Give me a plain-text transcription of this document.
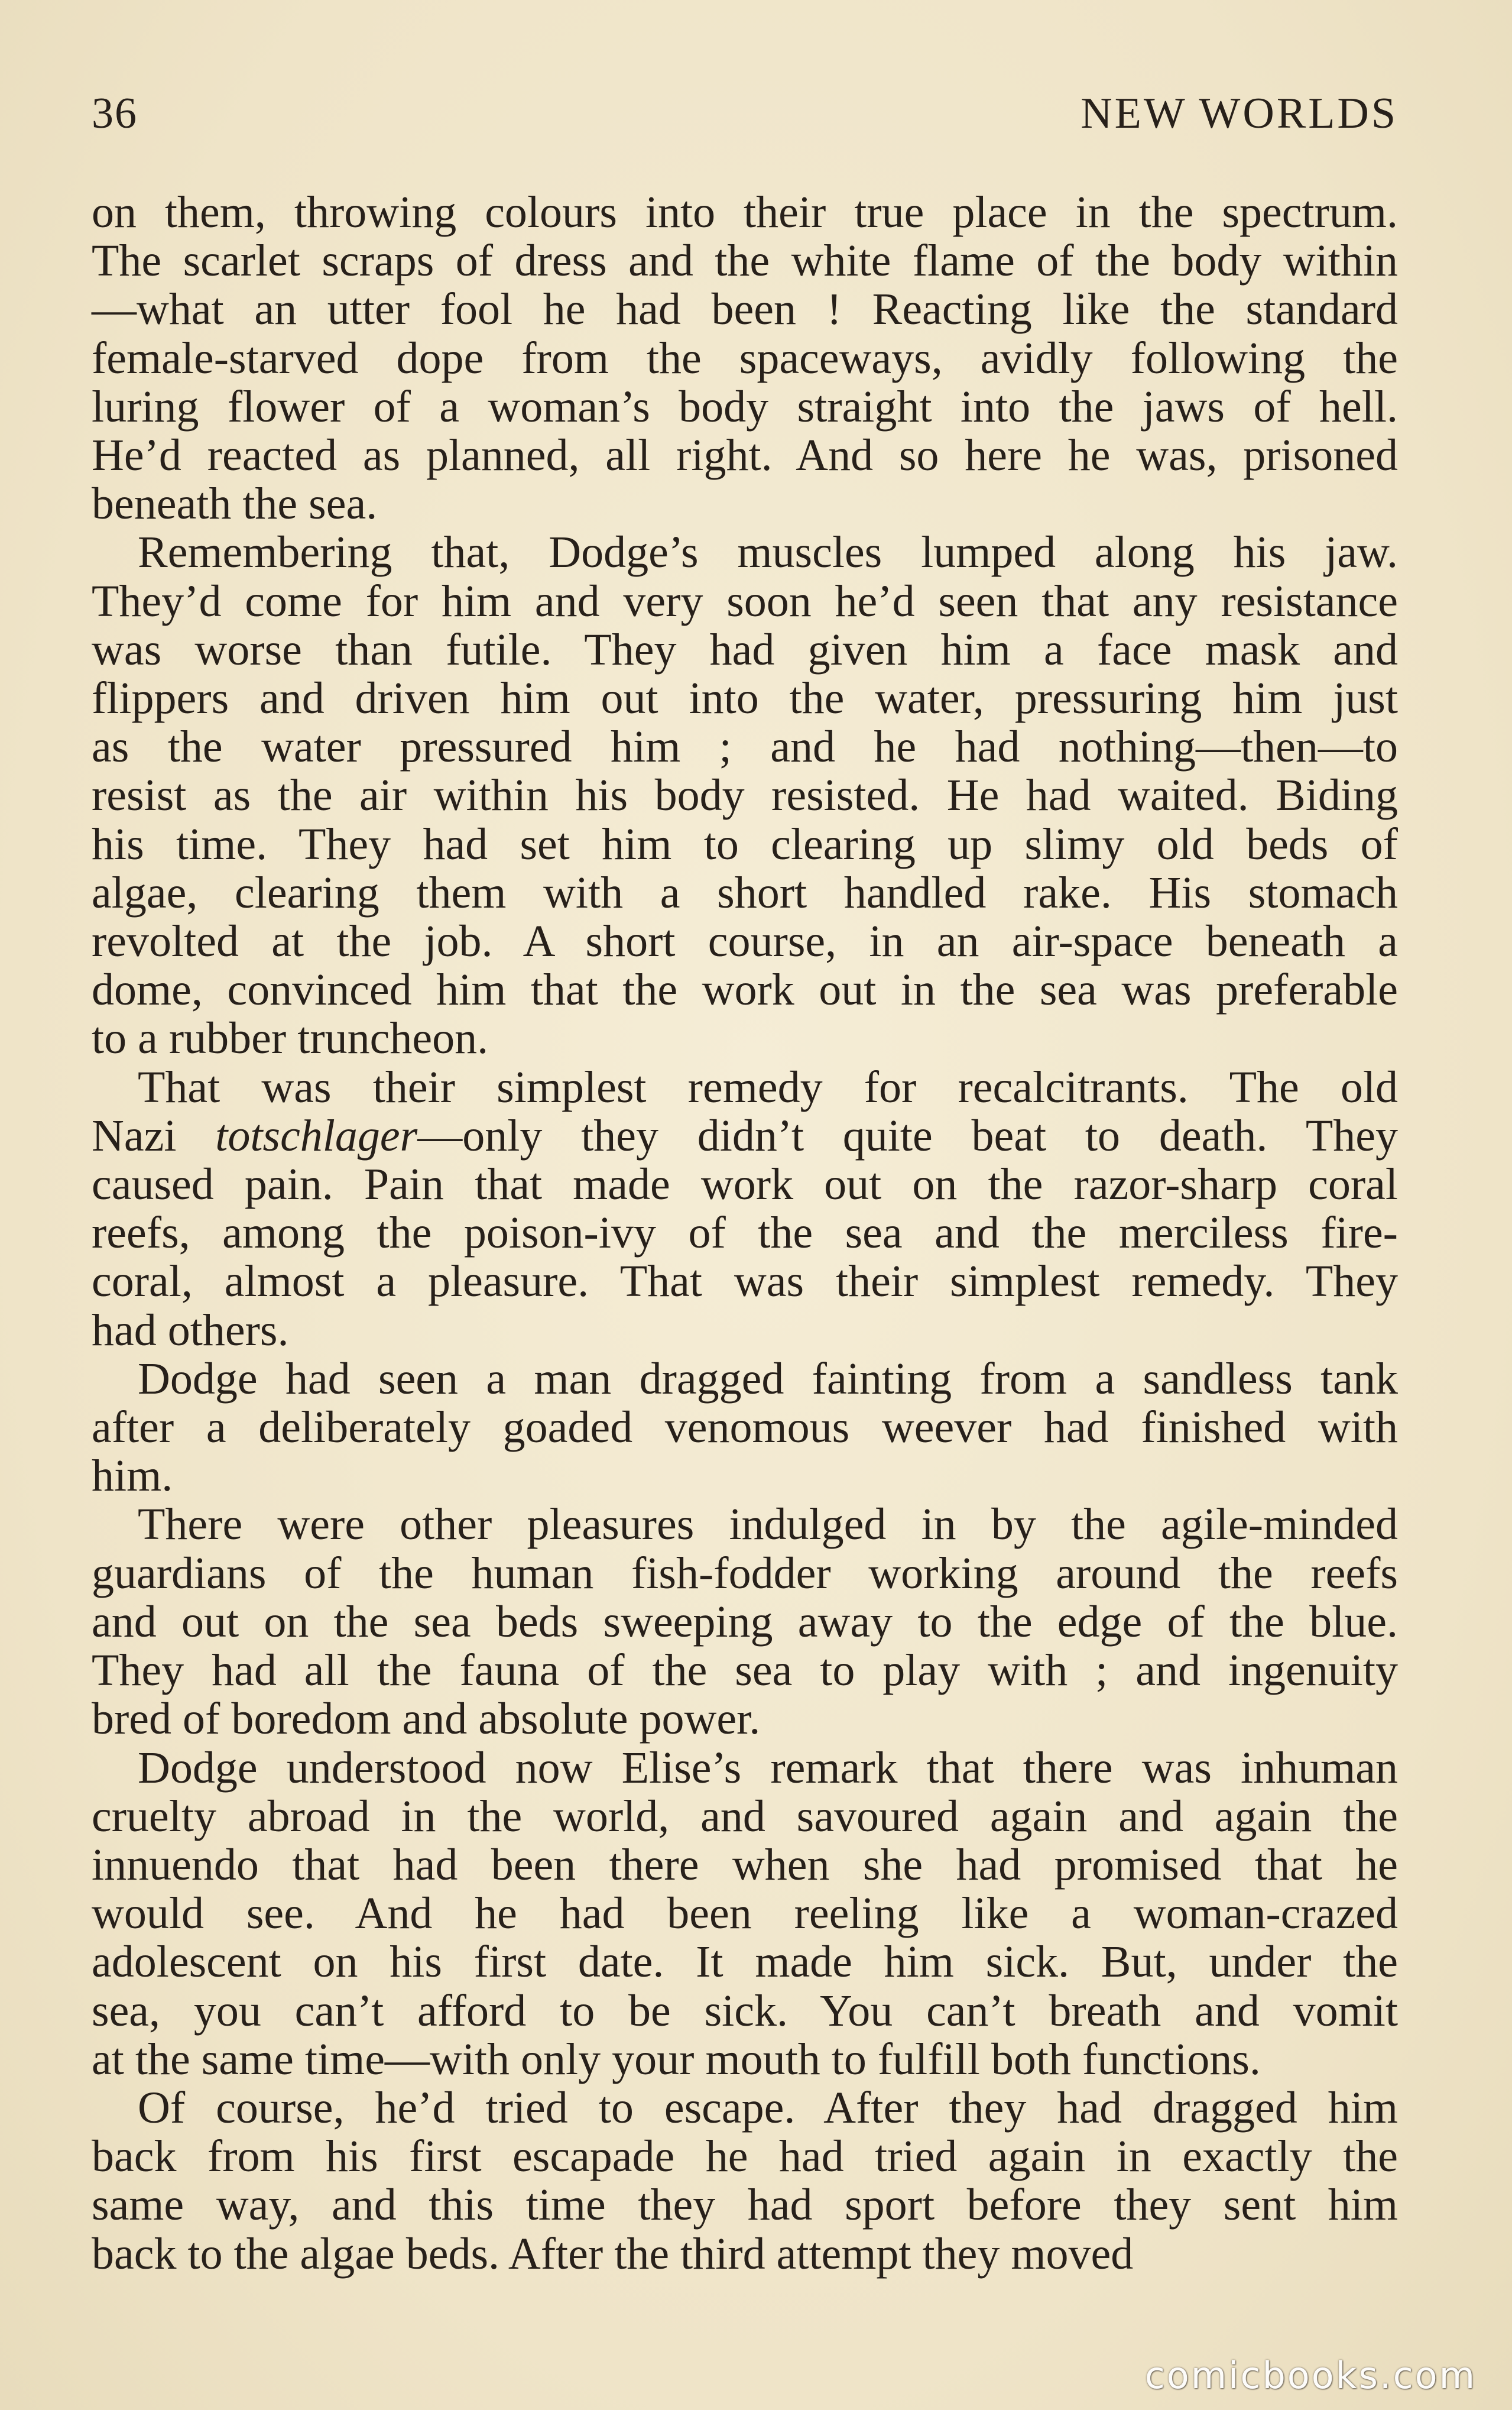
36	NEW WORLDS

on them, throwing colours into their true place in the spectrum.
The scarlet scraps of dress and the white flame of the body within
—what an utter fool he had been ! Reacting like the standard
female-starved dope from the spaceways, avidly following the
luring flower of a woman’s body straight into the jaws of hell.
He’d reacted as planned, all right. And so here he was, prisoned
beneath the sea.

Remembering that, Dodge’s muscles lumped along his jaw.
They’d come for him and very soon he’d seen that any resistance
was worse than futile. They had given him a face mask and
flippers and driven him out into the water, pressuring him just
as the water pressured him ; and he had nothing—then—to
resist as the air within his body resisted. He had waited. Biding
his time. They had set him to clearing up slimy old beds of
algae, clearing them with a short handled rake. His stomach
revolted at the job. A short course, in an air-space beneath a
dome, convinced him that the work out in the sea was preferable
to a rubber truncheon.

That was their simplest remedy for recalcitrants. The old
Nazi totschlager—only they didn’t quite beat to death. They
caused pain. Pain that made work out on the razor-sharp coral
reefs, among the poison-ivy of the sea and the merciless fire-
coral, almost a pleasure. That was their simplest remedy. They
had others.

Dodge had seen a man dragged fainting from a sandless tank
after a deliberately goaded venomous weever had finished with
him.

There were other pleasures indulged in by the agile-minded
guardians of the human fish-fodder working around the reefs
and out on the sea beds sweeping away to the edge of the blue.
They had all the fauna of the sea to play with ; and ingenuity
bred of boredom and absolute power.

Dodge understood now Elise’s remark that there was inhuman
cruelty abroad in the world, and savoured again and again the
innuendo that had been there when she had promised that he
would see. And he had been reeling like a woman-crazed
adolescent on his first date. It made him sick. But, under the
sea, you can’t afford to be sick. You can’t breath and vomit
at the same time—with only your mouth to fulfill both functions.

Of course, he’d tried to escape. After they had dragged him
back from his first escapade he had tried again in exactly the
same way, and this time they had sport before they sent him
back to the algae beds. After the third attempt they moved

comicbooks.com
